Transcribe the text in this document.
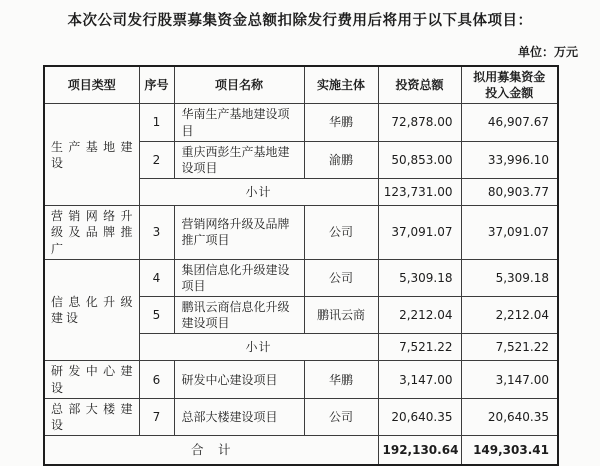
本次公司发行股票募集资金总额扣除发行费用后将用于以下具体项目：
单位：万元
项目类型	序号	项目名称	实施主体	投资总额	拟用募集资金
投入金额

生产基地建设	1	华南生产基地建设项目	华鹏	72,878.00	46,907.67
	2	重庆西彭生产基地建设项目	渝鹏	50,853.00	33,996.10
	小计			123,731.00	80,903.77
营销网络升级及品牌推广	3	营销网络升级及品牌推广项目	公司	37,091.07	37,091.07
信息化升级建设	4	集团信息化升级建设项目	公司	5,309.18	5,309.18
	5	鹏讯云商信息化升级建设项目	鹏讯云商	2,212.04	2,212.04
	小计			7,521.22	7,521.22
研发中心建设	6	研发中心建设项目	华鹏	3,147.00	3,147.00
总部大楼建设	7	总部大楼建设项目	公司	20,640.35	20,640.35
合　计				192,130.64	149,303.41
